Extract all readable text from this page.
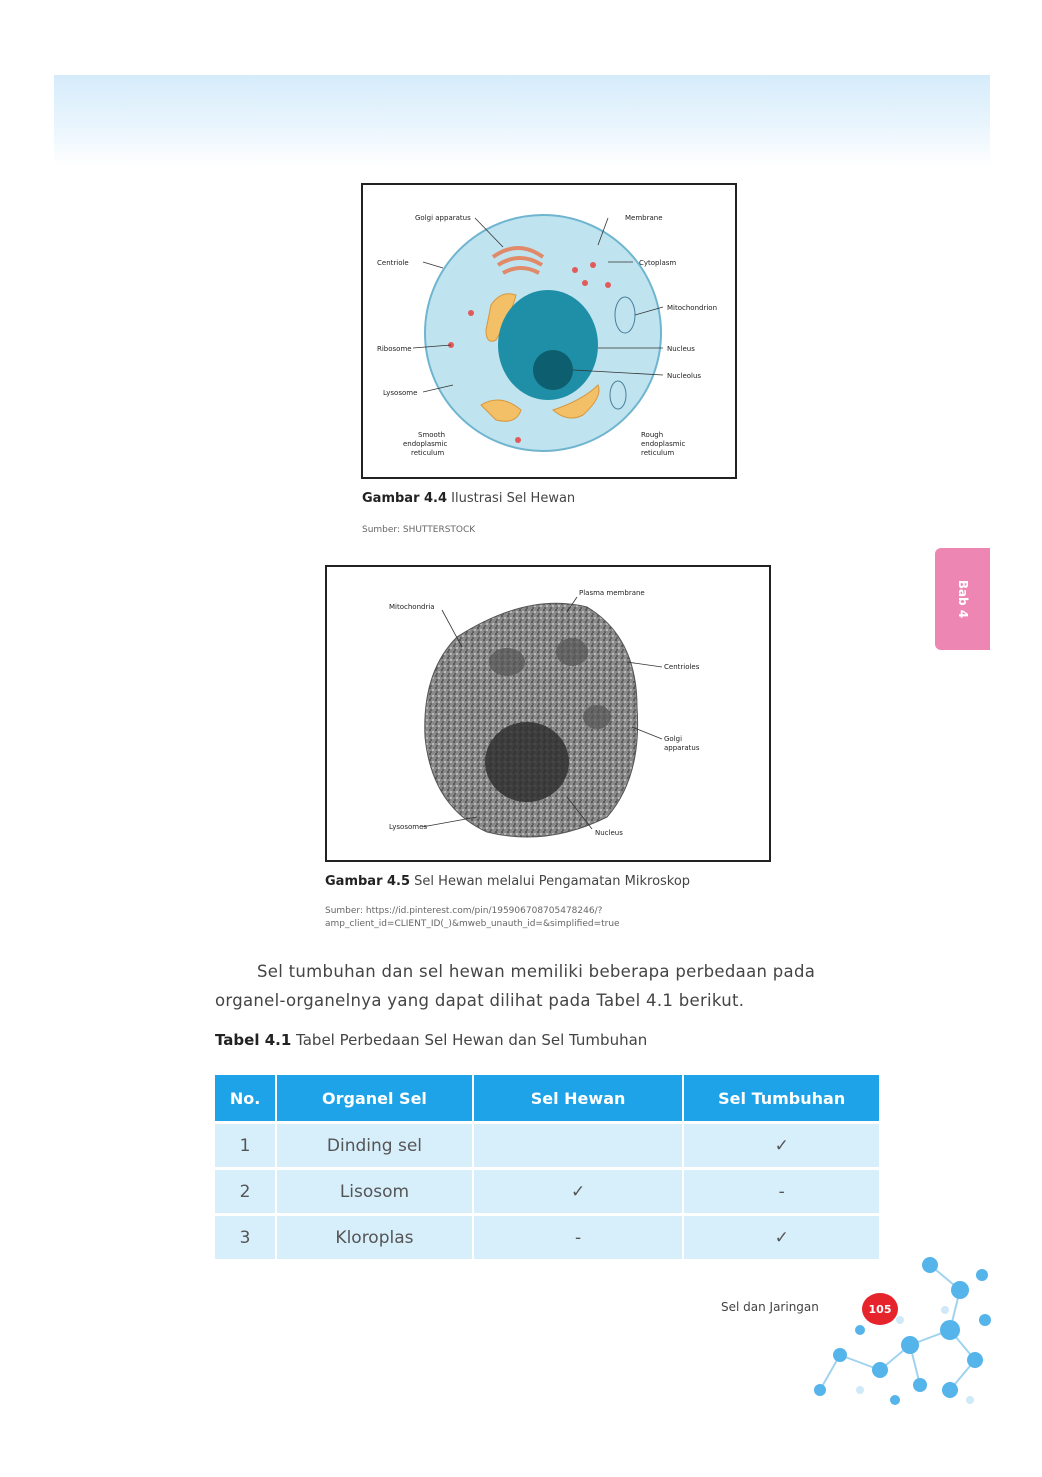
Golgi apparatus	Membrane
Centriole	Cytoplasm
Mitochondrion
Ribosome	Nucleus
Nucleolus
Lysosome
Smooth
endoplasmic
reticulum
Rough
endoplasmic
reticulum
Gambar 4.4 Ilustrasi Sel Hewan
Sumber: SHUTTERSTOCK
Mitochondria
Plasma membrane
Centrioles
Golgi
apparatus
Lysosomes
Nucleus
Gambar 4.5 Sel Hewan melalui Pengamatan Mikroskop
Sumber: https://id.pinterest.com/pin/195906708705478246/?amp_client_id=CLIENT_ID(_)&mweb_unauth_id=&simplified=true
Sel tumbuhan dan sel hewan memiliki beberapa perbedaan pada organel-organelnya yang dapat dilihat pada Tabel 4.1 berikut.
Tabel 4.1 Tabel Perbedaan Sel Hewan dan Sel Tumbuhan
No.	Organel Sel	Sel Hewan	Sel Tumbuhan
1	Dinding sel		✓
2	Lisosom	✓	-
3	Kloroplas	-	✓
Bab 4
Sel dan Jaringan	105
